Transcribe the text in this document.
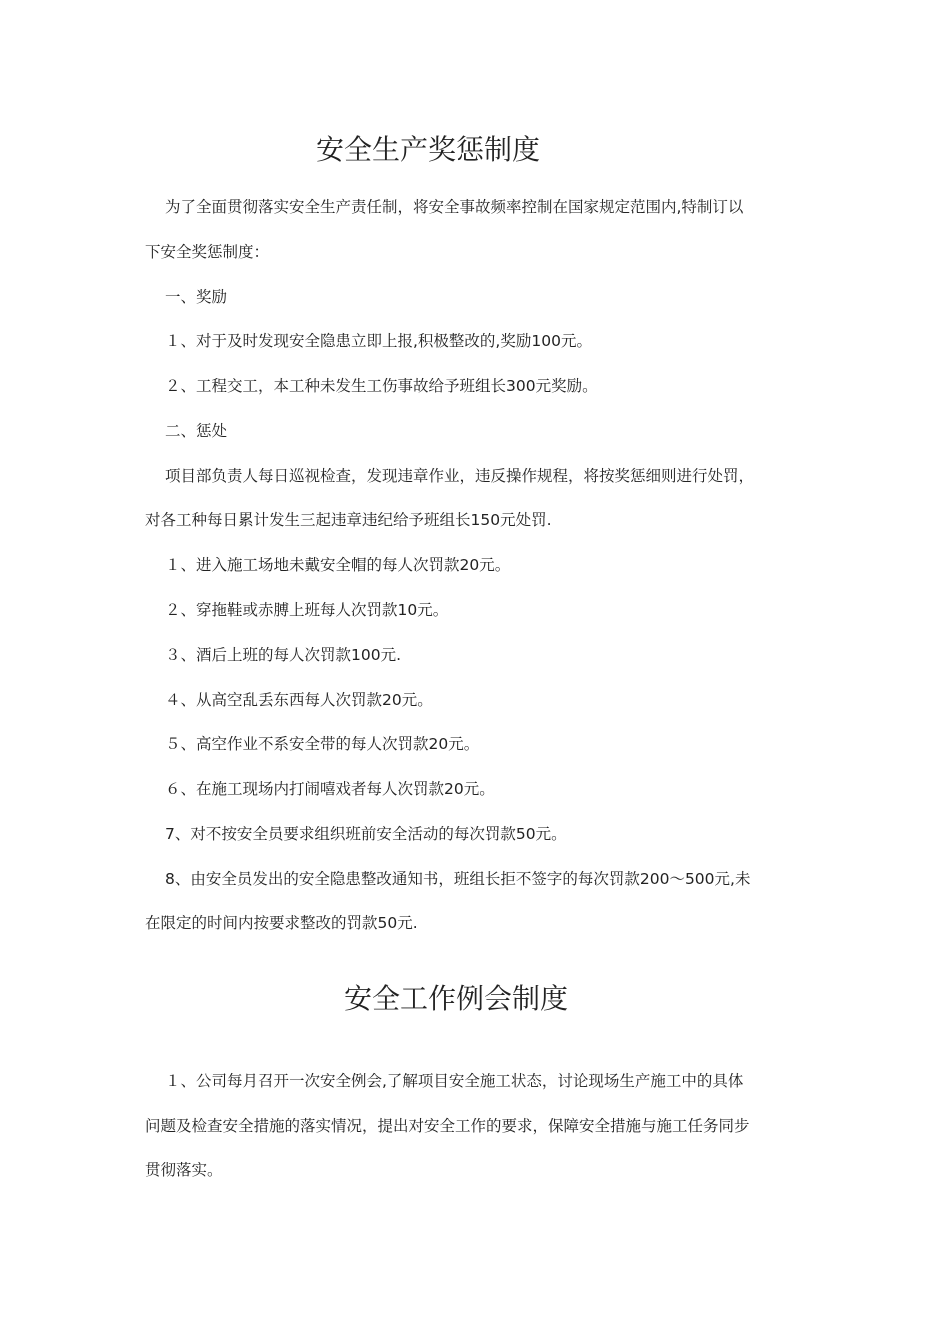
安全生产奖惩制度

为了全面贯彻落实安全生产责任制，将安全事故频率控制在国家规定范围内,特制订以

下安全奖惩制度：

一、奖励

１、对于及时发现安全隐患立即上报,积极整改的,奖励100元。

２、工程交工，本工种未发生工伤事故给予班组长300元奖励。

二、惩处

项目部负责人每日巡视检查，发现违章作业，违反操作规程，将按奖惩细则进行处罚，

对各工种每日累计发生三起违章违纪给予班组长150元处罚.

１、进入施工场地未戴安全帽的每人次罚款20元。

２、穿拖鞋或赤膊上班每人次罚款10元。

３、酒后上班的每人次罚款100元.

４、从高空乱丢东西每人次罚款20元。

５、高空作业不系安全带的每人次罚款20元。

６、在施工现场内打闹嘻戏者每人次罚款20元。

7、对不按安全员要求组织班前安全活动的每次罚款50元。

8、由安全员发出的安全隐患整改通知书，班组长拒不签字的每次罚款200～500元,未

在限定的时间内按要求整改的罚款50元.

安全工作例会制度

１、公司每月召开一次安全例会,了解项目安全施工状态，讨论现场生产施工中的具体

问题及检查安全措施的落实情况，提出对安全工作的要求，保障安全措施与施工任务同步

贯彻落实。
